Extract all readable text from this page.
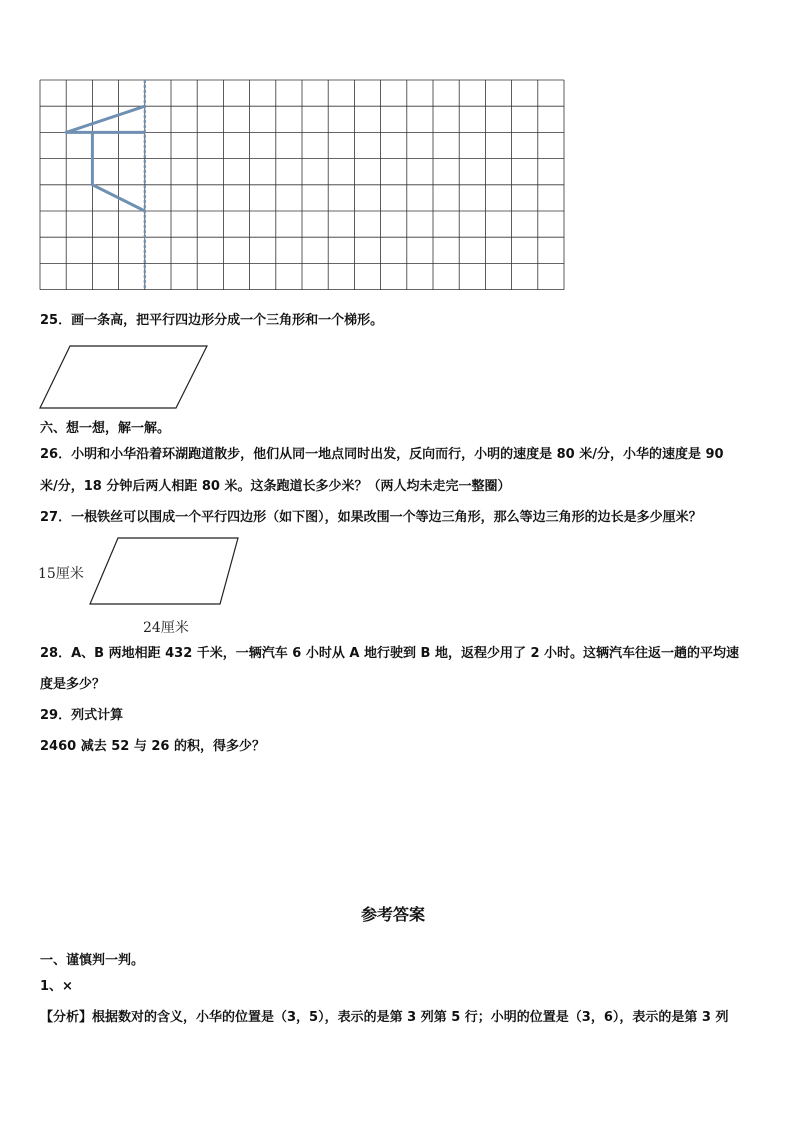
25．画一条高，把平行四边形分成一个三角形和一个梯形。
六、想一想，解一解。
26．小明和小华沿着环湖跑道散步，他们从同一地点同时出发，反向而行，小明的速度是 80 米/分，小华的速度是 90
米/分，18 分钟后两人相距 80 米。这条跑道长多少米？（两人均未走完一整圈）
27．一根铁丝可以围成一个平行四边形（如下图），如果改围一个等边三角形，那么等边三角形的边长是多少厘米？
15厘米
24厘米
28．A、B 两地相距 432 千米，一辆汽车 6 小时从 A 地行驶到 B 地，返程少用了 2 小时。这辆汽车往返一趟的平均速
度是多少？
29．列式计算
2460 减去 52 与 26 的积，得多少？
参考答案
一、谨慎判一判。
1、×
【分析】根据数对的含义，小华的位置是（3，5），表示的是第 3 列第 5 行；小明的位置是（3，6），表示的是第 3 列
